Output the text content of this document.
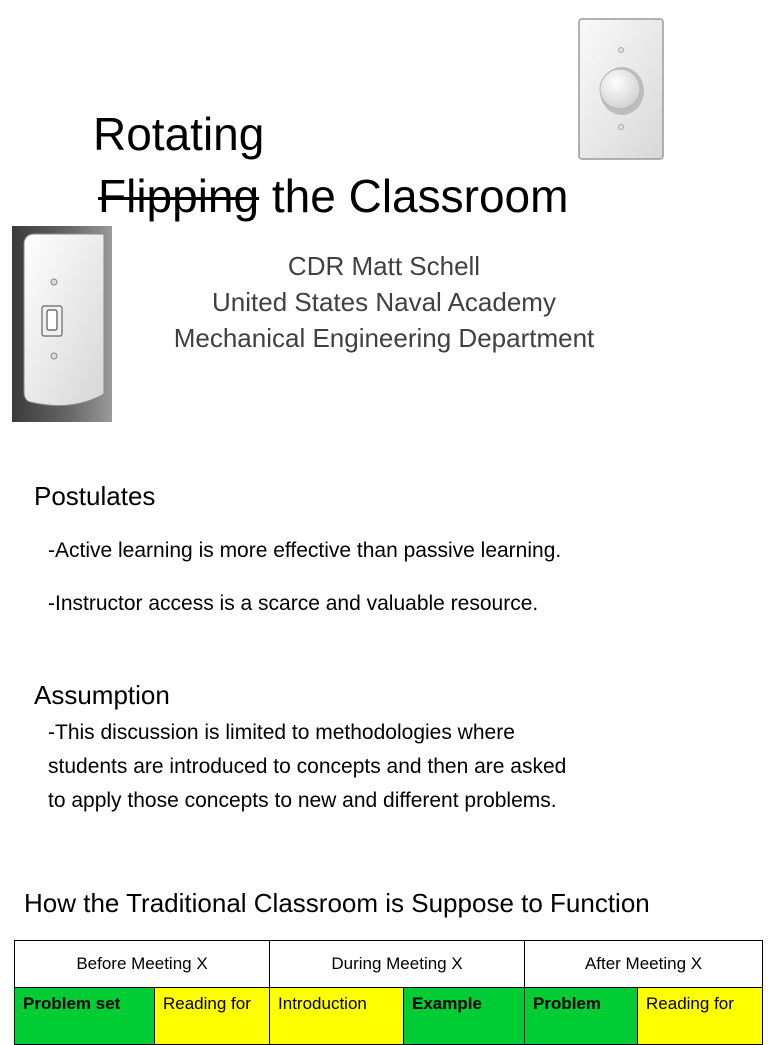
Rotating
Flipping the Classroom
CDR Matt Schell
United States Naval Academy
Mechanical Engineering Department
Postulates
-Active learning is more effective than passive learning.
-Instructor access is a scarce and valuable resource.
Assumption
-This discussion is limited to methodologies where
students are introduced to concepts and then are asked
to apply those concepts to new and different problems.
How the Traditional Classroom is Suppose to Function
Before Meeting X		During Meeting X		After Meeting X	
Problem set	Reading for	Introduction	Example	Problem	Reading for
